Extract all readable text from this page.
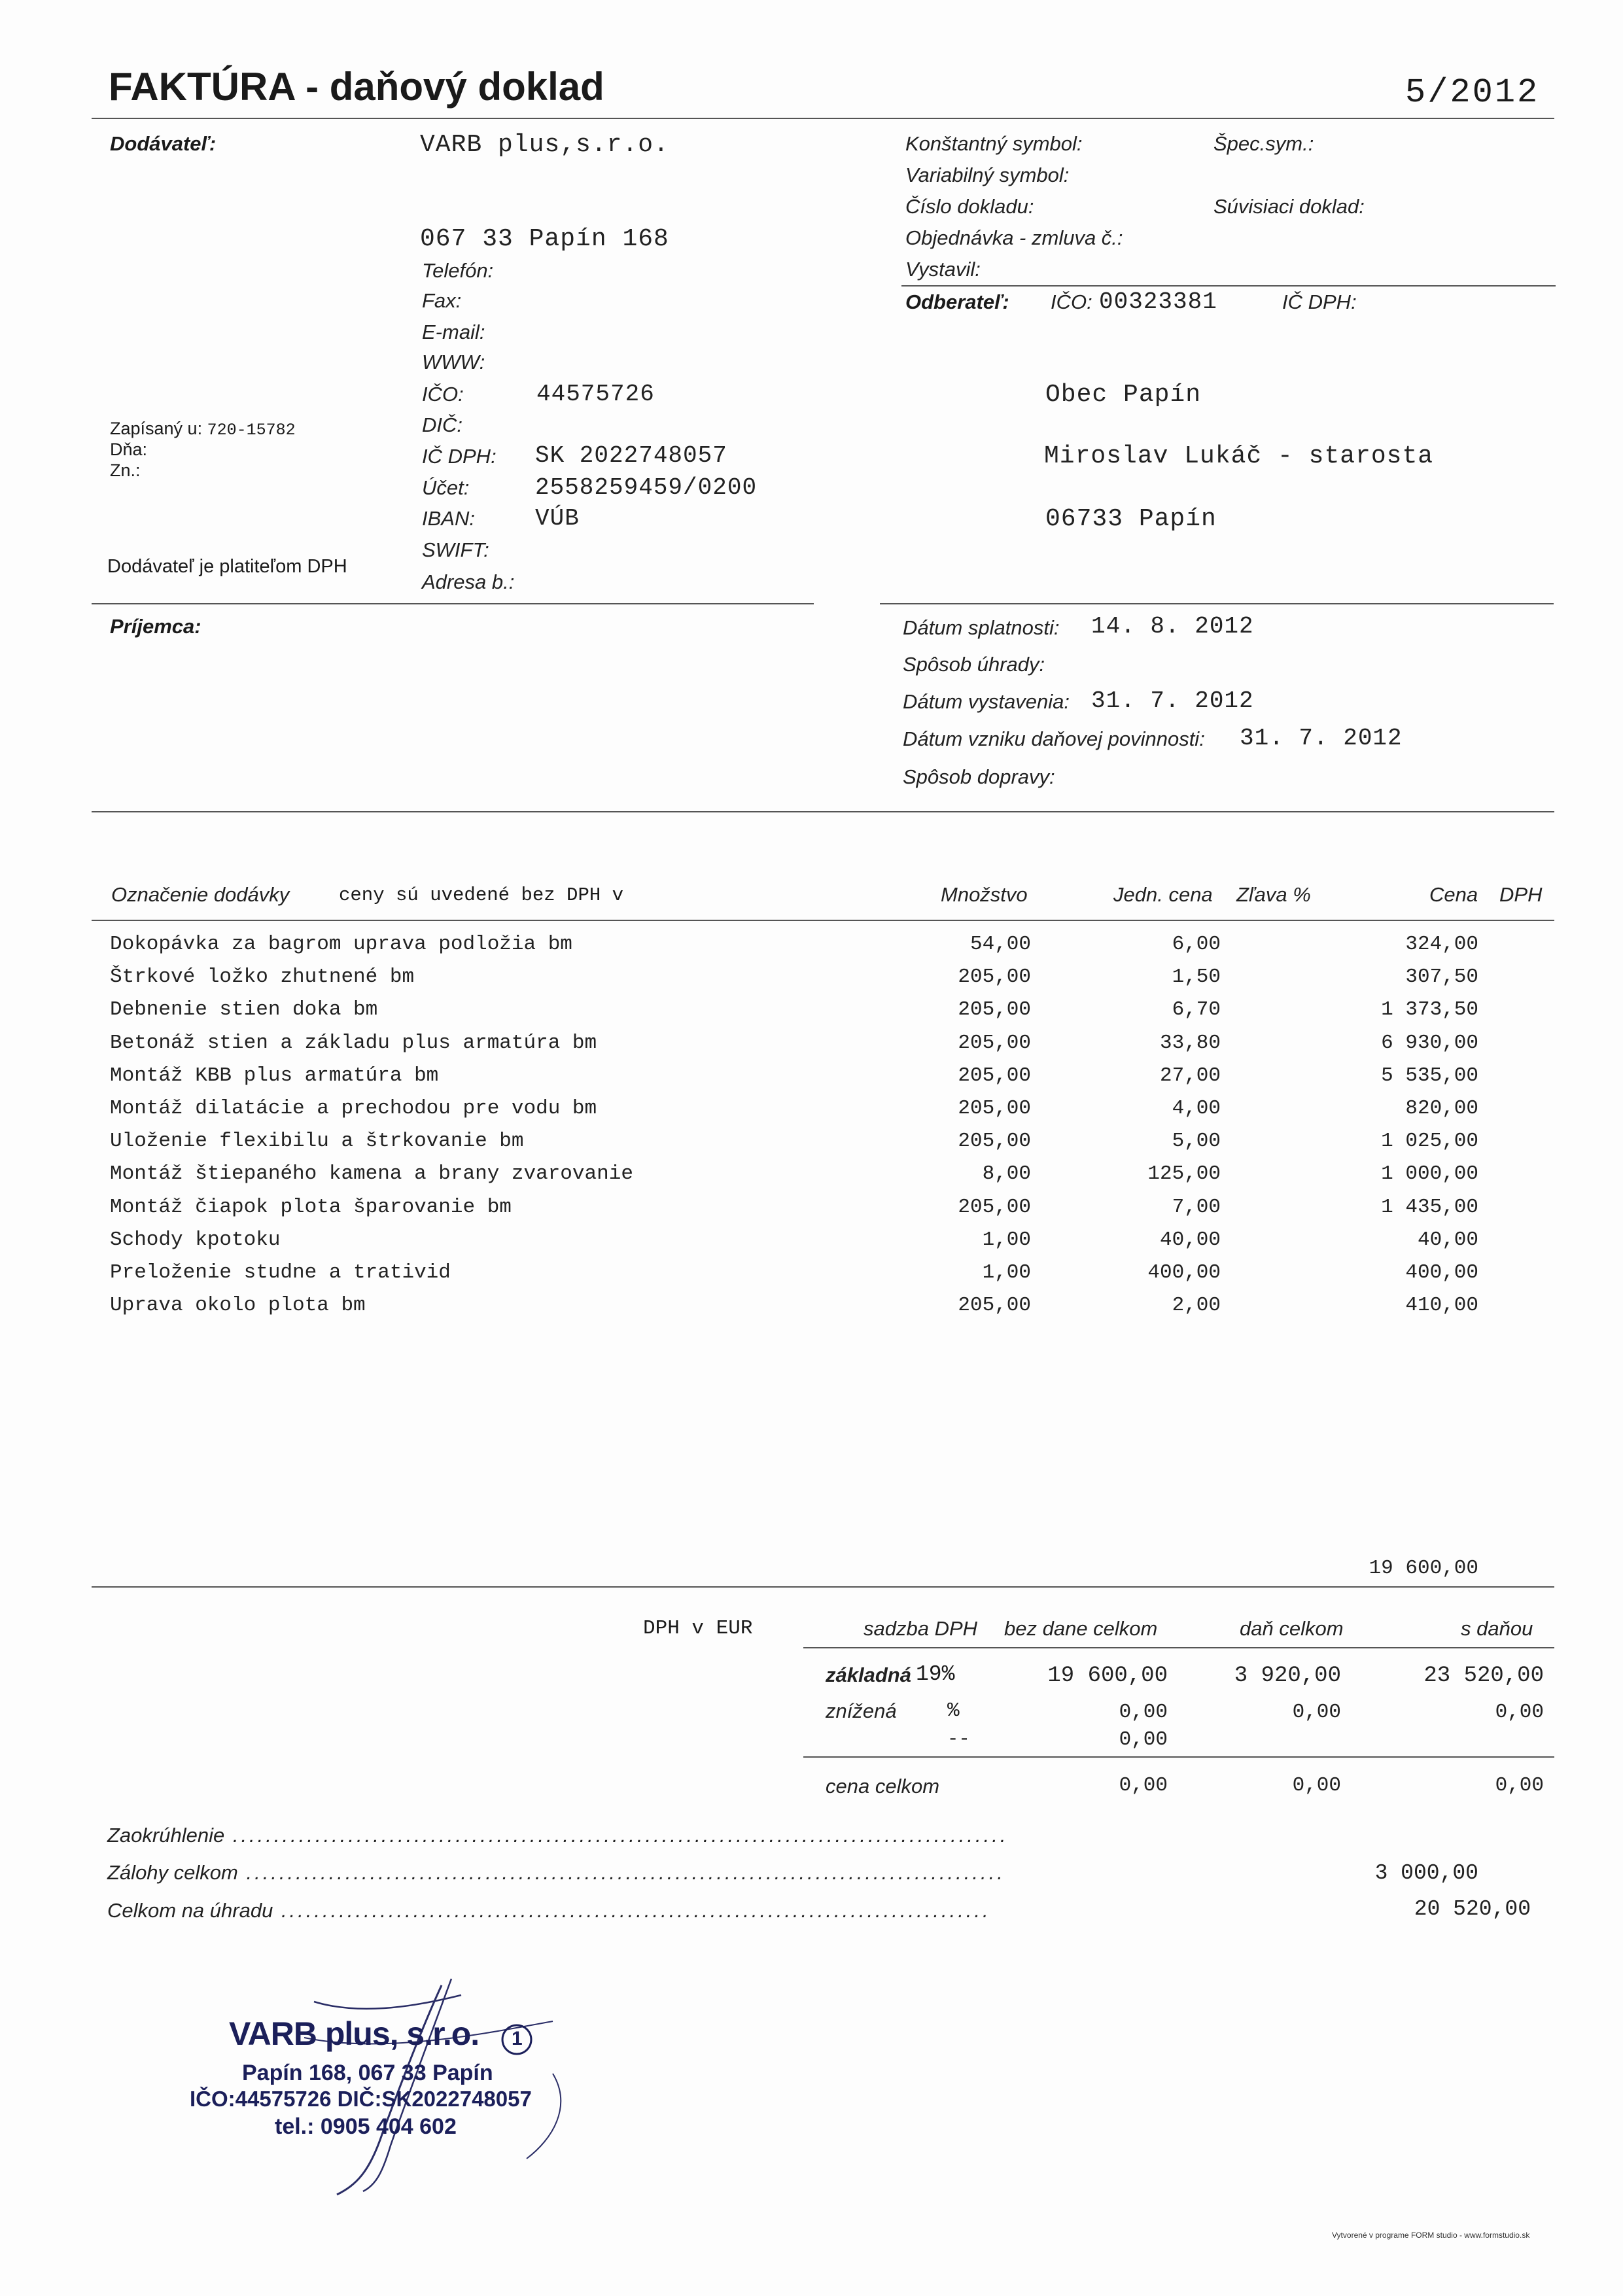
FAKTÚRA - daňový doklad	5/2012
Dodávateľ:
Zapísaný u: 720-15782
Dňa:
Zn.:
Dodávateľ je platiteľom DPH
VARB plus,s.r.o.
067 33 Papín 168
Telefón:
Fax:
E-mail:
WWW:
IČO:	44575726
DIČ:
IČ DPH: SK 2022748057
Účet:	2558259459/0200
IBAN:	VÚB
SWIFT:
Adresa b.:
Konštantný symbol:	Špec.sym.:
Variabilný symbol:
Číslo dokladu:	Súvisiaci doklad:
Objednávka - zmluva č.:
Vystavil:
Odberateľ: IČO: 00323381	IČ DPH:
Obec Papín
Miroslav Lukáč - starosta
06733 Papín
Príjemca:	Dátum splatnosti: 14. 8. 2012
Spôsob úhrady:
Dátum vystavenia: 31. 7. 2012
Dátum vzniku daňovej povinnosti: 31. 7. 2012
Spôsob dopravy:
Označenie dodávky	ceny sú uvedené bez DPH v	Množstvo	Jedn. cena Zľava %	Cena DPH
Dokopávka za bagrom uprava podložia bm	54,00	6,00	324,00
Štrkové ložko zhutnené bm	205,00	1,50	307,50
Debnenie stien doka bm	205,00	6,70	1 373,50
Betonáž stien a základu plus armatúra bm	205,00	33,80	6 930,00
Montáž KBB plus armatúra bm	205,00	27,00	5 535,00
Montáž dilatácie a prechodou pre vodu bm	205,00	4,00	820,00
Uloženie flexibilu a štrkovanie bm	205,00	5,00	1 025,00
Montáž štiepaného kamena a brany zvarovanie	8,00	125,00	1 000,00
Montáž čiapok plota šparovanie bm	205,00	7,00	1 435,00
Schody kpotoku	1,00	40,00	40,00
Preloženie studne a trativid	1,00	400,00	400,00
Uprava okolo plota bm	205,00	2,00	410,00
19 600,00
DPH v EUR	sadzba DPH bez dane celkom	daň celkom	s daňou
základná 19%	19 600,00	3 920,00	23 520,00
znížená %	0,00	0,00	0,00
--	0,00
cena celkom	0,00	0,00	0,00
Zaokrúhlenie ..............................................................................................
Zálohy celkom ............................................................................................	3 000,00
Celkom na úhradu ......................................................................................	20 520,00
VARB plus, s.r.o. 1
Papín 168, 067 33 Papín
IČO:44575726 DIČ:SK2022748057
tel.: 0905 404 602
Vytvorené v programe FORM studio - www.formstudio.sk
